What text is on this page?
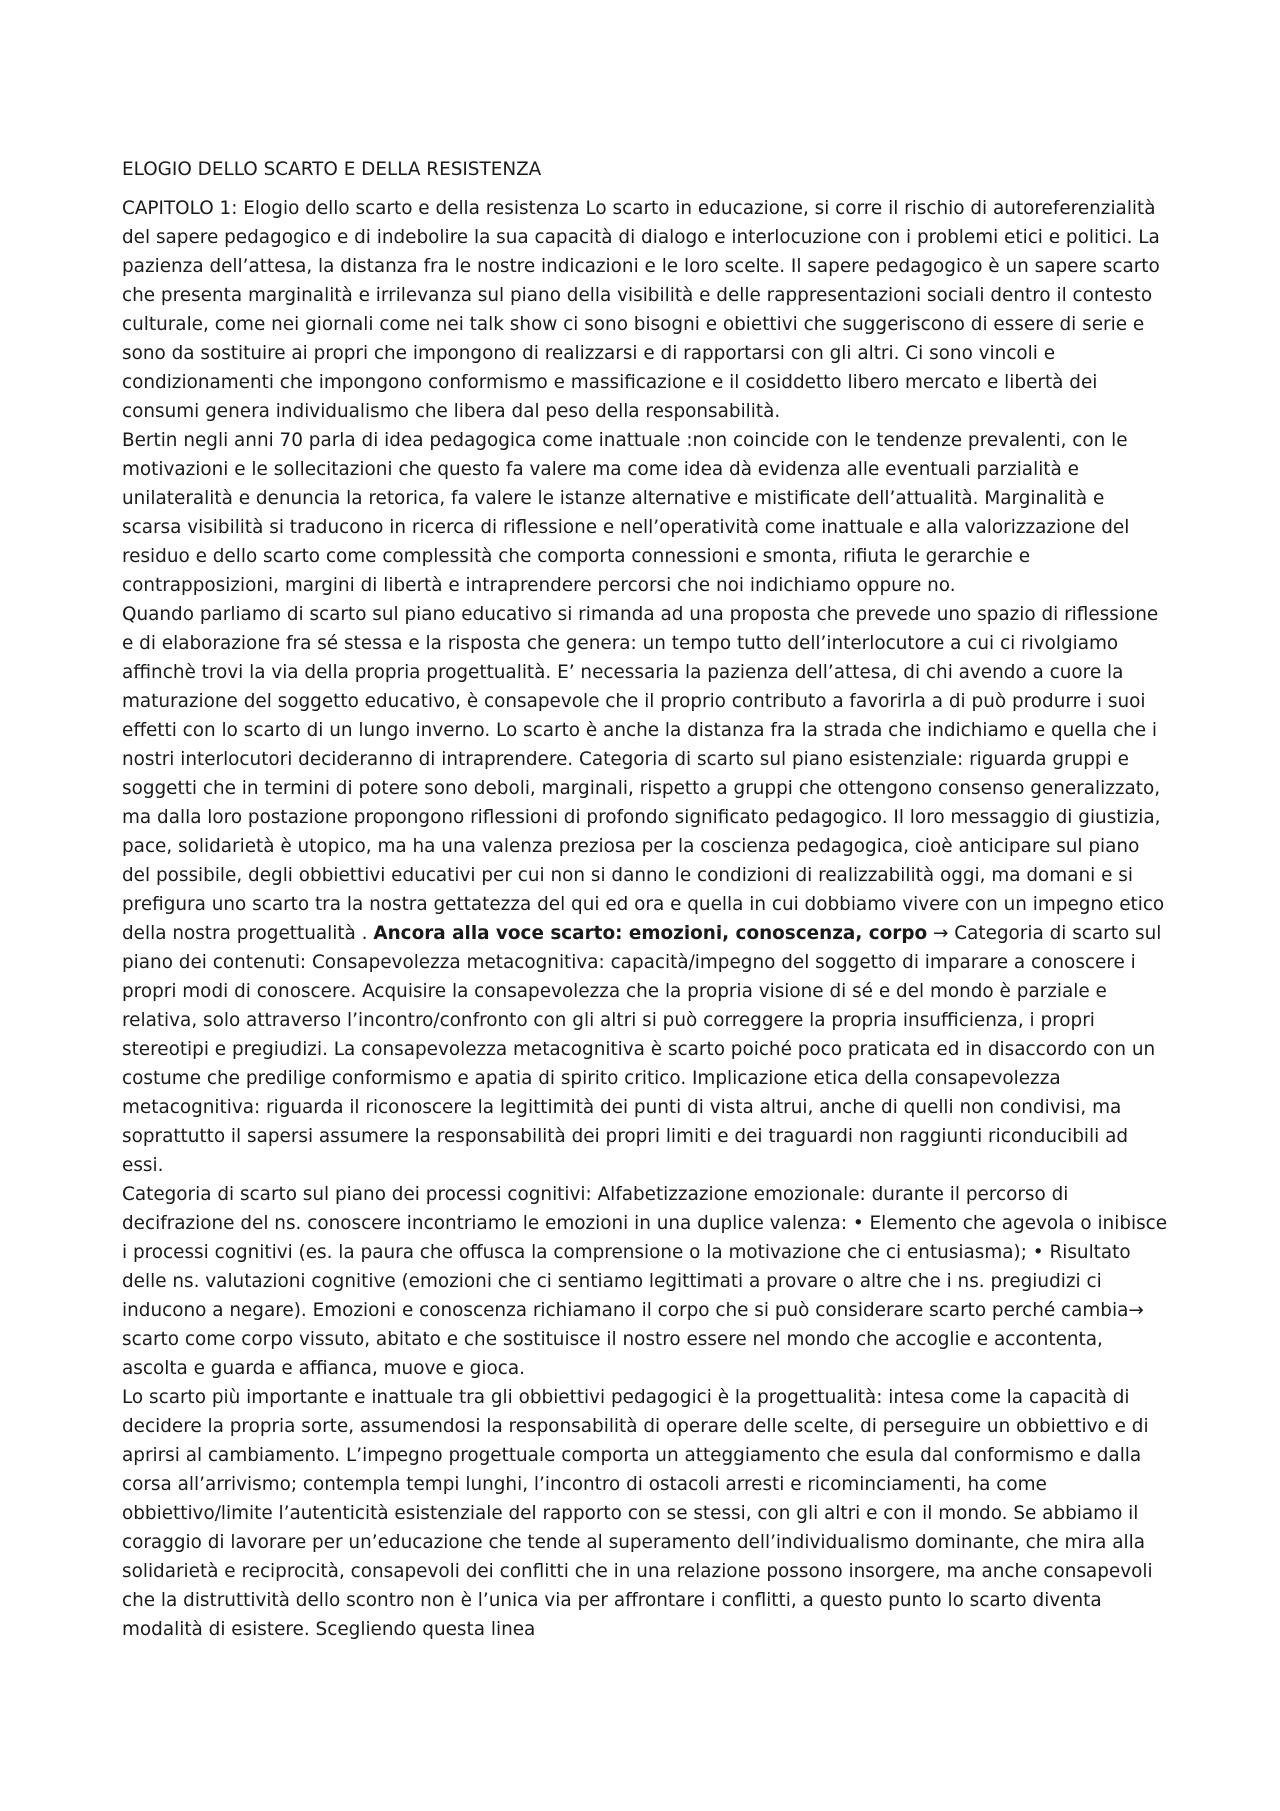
ELOGIO DELLO SCARTO E DELLA RESISTENZA

CAPITOLO 1: Elogio dello scarto e della resistenza Lo scarto in educazione, si corre il rischio di autoreferenzialità del sapere pedagogico e di indebolire la sua capacità di dialogo e interlocuzione con i problemi etici e politici. La pazienza dell’attesa, la distanza fra le nostre indicazioni e le loro scelte. Il sapere pedagogico è un sapere scarto che presenta marginalità e irrilevanza sul piano della visibilità e delle rappresentazioni sociali dentro il contesto culturale, come nei giornali come nei talk show ci sono bisogni e obiettivi che suggeriscono di essere di serie e sono da sostituire ai propri che impongono di realizzarsi e di rapportarsi con gli altri. Ci sono vincoli e condizionamenti che impongono conformismo e massificazione e il cosiddetto libero mercato e libertà dei consumi genera individualismo che libera dal peso della responsabilità.

Bertin negli anni 70 parla di idea pedagogica come inattuale :non coincide con le tendenze prevalenti, con le motivazioni e le sollecitazioni che questo fa valere ma come idea dà evidenza alle eventuali parzialità e unilateralità e denuncia la retorica, fa valere le istanze alternative e mistificate dell’attualità. Marginalità e scarsa visibilità si traducono in ricerca di riflessione e nell’operatività come inattuale e alla valorizzazione del residuo e dello scarto come complessità che comporta connessioni e smonta, rifiuta le gerarchie e contrapposizioni, margini di libertà e intraprendere percorsi che noi indichiamo oppure no.

Quando parliamo di scarto sul piano educativo si rimanda ad una proposta che prevede uno spazio di riflessione e di elaborazione fra sé stessa e la risposta che genera: un tempo tutto dell’interlocutore a cui ci rivolgiamo affinchè trovi la via della propria progettualità. E’ necessaria la pazienza dell’attesa, di chi avendo a cuore la maturazione del soggetto educativo, è consapevole che il proprio contributo a favorirla a di può produrre i suoi effetti con lo scarto di un lungo inverno. Lo scarto è anche la distanza fra la strada che indichiamo e quella che i nostri interlocutori decideranno di intraprendere. Categoria di scarto sul piano esistenziale: riguarda gruppi e soggetti che in termini di potere sono deboli, marginali, rispetto a gruppi che ottengono consenso generalizzato, ma dalla loro postazione propongono riflessioni di profondo significato pedagogico. Il loro messaggio di giustizia, pace, solidarietà è utopico, ma ha una valenza preziosa per la coscienza pedagogica, cioè anticipare sul piano del possibile, degli obbiettivi educativi per cui non si danno le condizioni di realizzabilità oggi, ma domani e si prefigura uno scarto tra la nostra gettatezza del qui ed ora e quella in cui dobbiamo vivere con un impegno etico della nostra progettualità . Ancora alla voce scarto: emozioni, conoscenza, corpo → Categoria di scarto sul piano dei contenuti: Consapevolezza metacognitiva: capacità/impegno del soggetto di imparare a conoscere i propri modi di conoscere. Acquisire la consapevolezza che la propria visione di sé e del mondo è parziale e relativa, solo attraverso l’incontro/confronto con gli altri si può correggere la propria insufficienza, i propri stereotipi e pregiudizi. La consapevolezza metacognitiva è scarto poiché poco praticata ed in disaccordo con un costume che predilige conformismo e apatia di spirito critico. Implicazione etica della consapevolezza metacognitiva: riguarda il riconoscere la legittimità dei punti di vista altrui, anche di quelli non condivisi, ma soprattutto il sapersi assumere la responsabilità dei propri limiti e dei traguardi non raggiunti riconducibili ad essi.

Categoria di scarto sul piano dei processi cognitivi: Alfabetizzazione emozionale: durante il percorso di decifrazione del ns. conoscere incontriamo le emozioni in una duplice valenza: • Elemento che agevola o inibisce i processi cognitivi (es. la paura che offusca la comprensione o la motivazione che ci entusiasma); • Risultato delle ns. valutazioni cognitive (emozioni che ci sentiamo legittimati a provare o altre che i ns. pregiudizi ci inducono a negare). Emozioni e conoscenza richiamano il corpo che si può considerare scarto perché cambia→ scarto come corpo vissuto, abitato e che sostituisce il nostro essere nel mondo che accoglie e accontenta, ascolta e guarda e affianca, muove e gioca.

Lo scarto più importante e inattuale tra gli obbiettivi pedagogici è la progettualità: intesa come la capacità di decidere la propria sorte, assumendosi la responsabilità di operare delle scelte, di perseguire un obbiettivo e di aprirsi al cambiamento. L’impegno progettuale comporta un atteggiamento che esula dal conformismo e dalla corsa all’arrivismo; contempla tempi lunghi, l’incontro di ostacoli arresti e ricominciamenti, ha come obbiettivo/limite l’autenticità esistenziale del rapporto con se stessi, con gli altri e con il mondo. Se abbiamo il coraggio di lavorare per un’educazione che tende al superamento dell’individualismo dominante, che mira alla solidarietà e reciprocità, consapevoli dei conflitti che in una relazione possono insorgere, ma anche consapevoli che la distruttività dello scontro non è l’unica via per affrontare i conflitti, a questo punto lo scarto diventa modalità di esistere. Scegliendo questa linea
